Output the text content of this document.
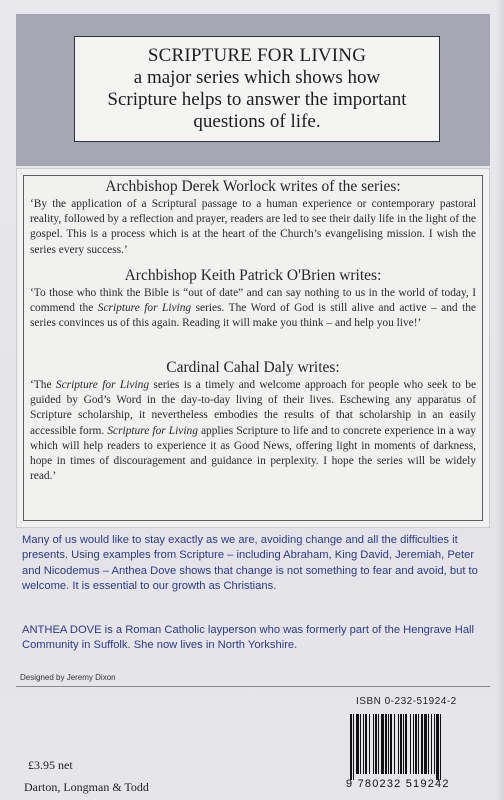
SCRIPTURE FOR LIVING
a major series which shows how
Scripture helps to answer the important
questions of life.
Archbishop Derek Worlock writes of the series:
‘By the application of a Scriptural passage to a human experience or contemporary pastoral reality, followed by a reflection and prayer, readers are led to see their daily life in the light of the gospel. This is a process which is at the heart of the Church’s evangelising mission. I wish the series every success.’
Archbishop Keith Patrick O'Brien writes:
‘To those who think the Bible is “out of date” and can say nothing to us in the world of today, I commend the Scripture for Living series. The Word of God is still alive and active – and the series convinces us of this again. Reading it will make you think – and help you live!’
Cardinal Cahal Daly writes:
‘The Scripture for Living series is a timely and welcome approach for people who seek to be guided by God’s Word in the day-to-day living of their lives. Eschewing any apparatus of Scripture scholarship, it nevertheless embodies the results of that scholarship in an easily accessible form. Scripture for Living applies Scripture to life and to concrete experience in a way which will help readers to experience it as Good News, offering light in moments of darkness, hope in times of discouragement and guidance in perplexity. I hope the series will be widely read.’
Many of us would like to stay exactly as we are, avoiding change and all the difficulties it presents. Using examples from Scripture – including Abraham, King David, Jeremiah, Peter and Nicodemus – Anthea Dove shows that change is not something to fear and avoid, but to welcome. It is essential to our growth as Christians.
ANTHEA DOVE is a Roman Catholic layperson who was formerly part of the Hengrave Hall Community in Suffolk. She now lives in North Yorkshire.
Designed by Jeremy Dixon
ISBN 0-232-51924-2
9 780232 519242
£3.95 net
Darton, Longman & Todd
